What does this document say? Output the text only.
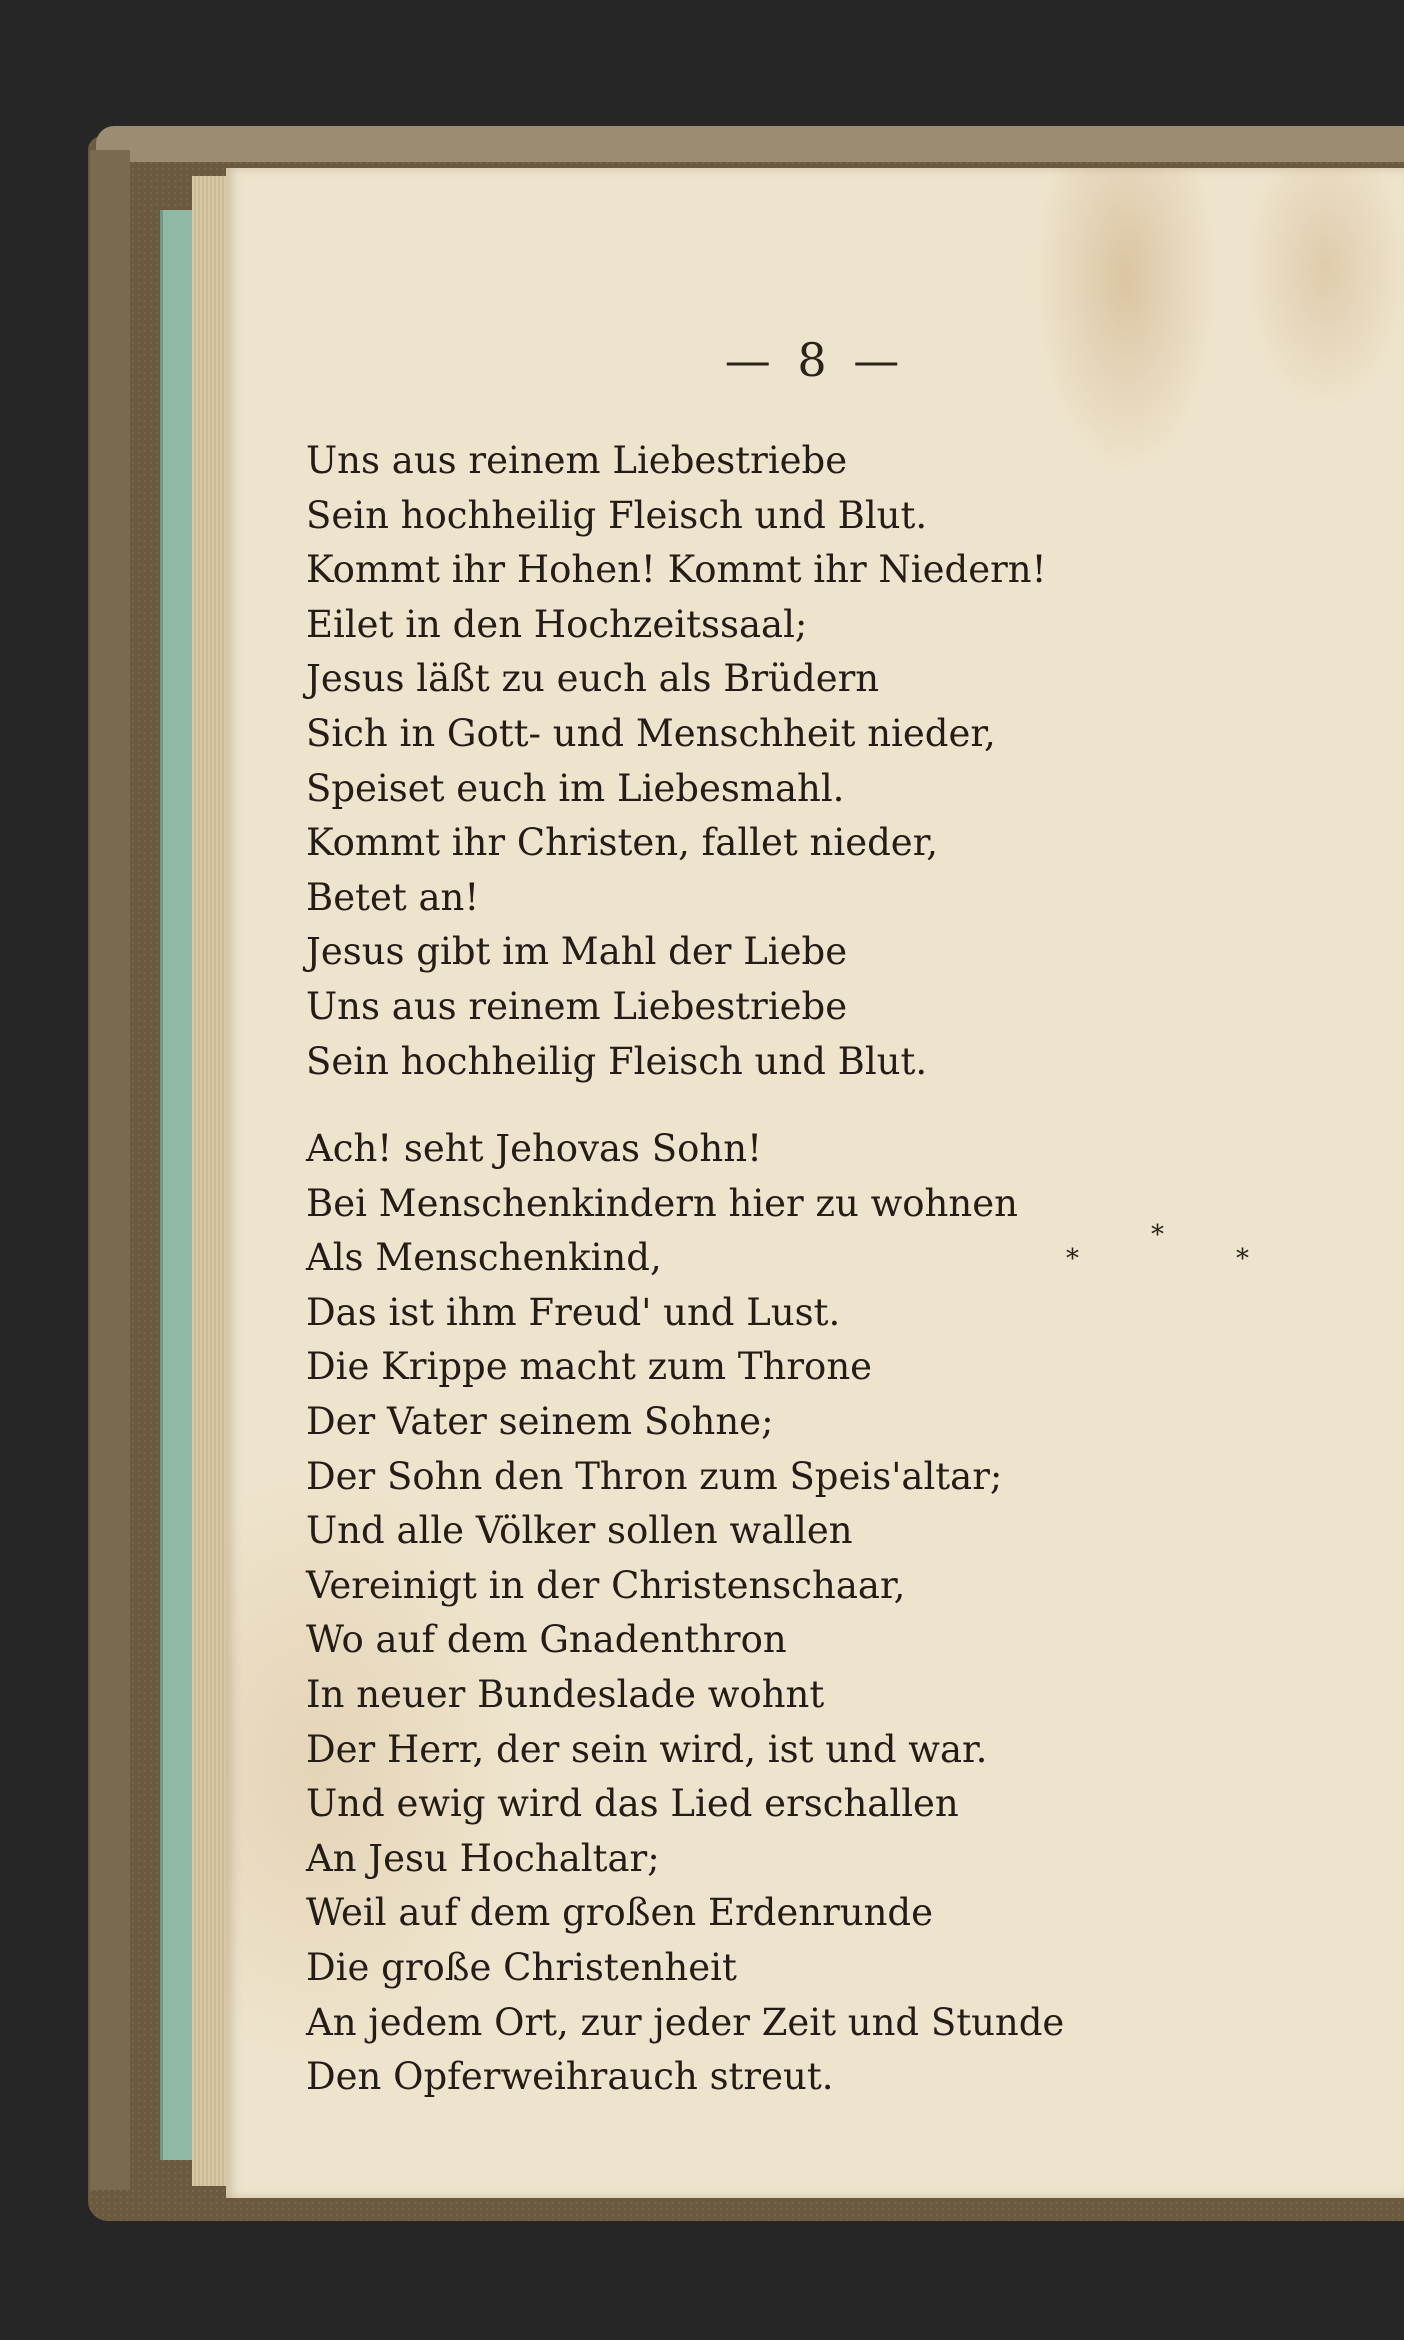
— 8 —
*
*	*
Uns aus reinem Liebestriebe
Sein hochheilig Fleisch und Blut.
Kommt ihr Hohen! Kommt ihr Niedern!
Eilet in den Hochzeitssaal;
Jesus läßt zu euch als Brüdern
Sich in Gott- und Menschheit nieder,
Speiset euch im Liebesmahl.
Kommt ihr Christen, fallet nieder,
Betet an!
Jesus gibt im Mahl der Liebe
Uns aus reinem Liebestriebe
Sein hochheilig Fleisch und Blut.
Ach! seht Jehovas Sohn!
Bei Menschenkindern hier zu wohnen
Als Menschenkind,
Das ist ihm Freud' und Lust.
Die Krippe macht zum Throne
Der Vater seinem Sohne;
Der Sohn den Thron zum Speis'altar;
Und alle Völker sollen wallen
Vereinigt in der Christenschaar,
Wo auf dem Gnadenthron
In neuer Bundeslade wohnt
Der Herr, der sein wird, ist und war.
Und ewig wird das Lied erschallen
An Jesu Hochaltar;
Weil auf dem großen Erdenrunde
Die große Christenheit
An jedem Ort, zur jeder Zeit und Stunde
Den Opferweihrauch streut.
